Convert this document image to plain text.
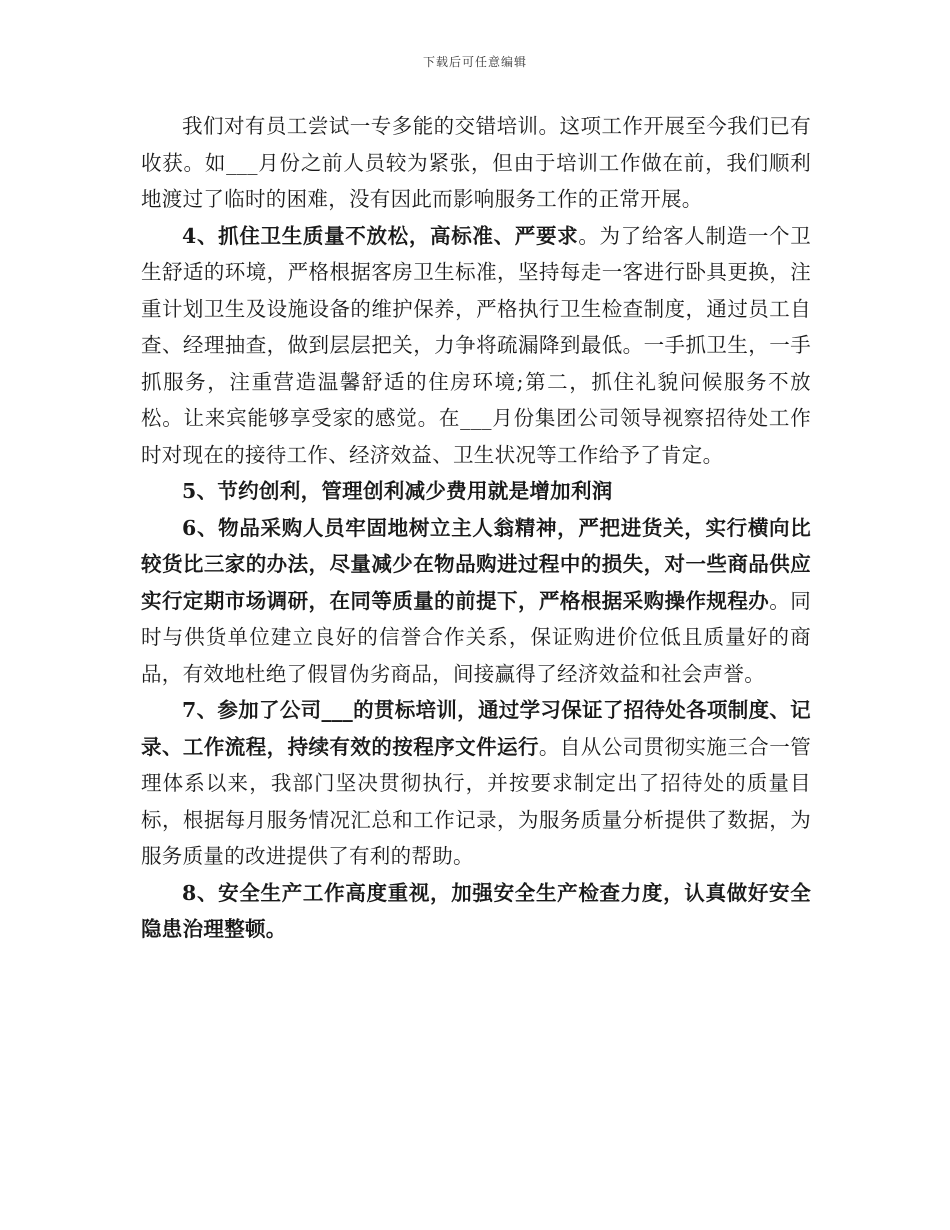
下载后可任意编辑

我们对有员工尝试一专多能的交错培训。这项工作开展至今我们已有收获。如___月份之前人员较为紧张，但由于培训工作做在前，我们顺利地渡过了临时的困难，没有因此而影响服务工作的正常开展。

4、抓住卫生质量不放松，高标准、严要求。为了给客人制造一个卫生舒适的环境，严格根据客房卫生标准，坚持每走一客进行卧具更换，注重计划卫生及设施设备的维护保养，严格执行卫生检查制度，通过员工自查、经理抽查，做到层层把关，力争将疏漏降到最低。一手抓卫生，一手抓服务，注重营造温馨舒适的住房环境;第二，抓住礼貌问候服务不放松。让来宾能够享受家的感觉。在___月份集团公司领导视察招待处工作时对现在的接待工作、经济效益、卫生状况等工作给予了肯定。

5、节约创利，管理创利减少费用就是增加利润

6、物品采购人员牢固地树立主人翁精神，严把进货关，实行横向比较货比三家的办法，尽量减少在物品购进过程中的损失，对一些商品供应实行定期市场调研，在同等质量的前提下，严格根据采购操作规程办。同时与供货单位建立良好的信誉合作关系，保证购进价位低且质量好的商品，有效地杜绝了假冒伪劣商品，间接赢得了经济效益和社会声誉。

7、参加了公司___的贯标培训，通过学习保证了招待处各项制度、记录、工作流程，持续有效的按程序文件运行。自从公司贯彻实施三合一管理体系以来，我部门坚决贯彻执行，并按要求制定出了招待处的质量目标，根据每月服务情况汇总和工作记录，为服务质量分析提供了数据，为服务质量的改进提供了有利的帮助。

8、安全生产工作高度重视，加强安全生产检查力度，认真做好安全隐患治理整顿。
